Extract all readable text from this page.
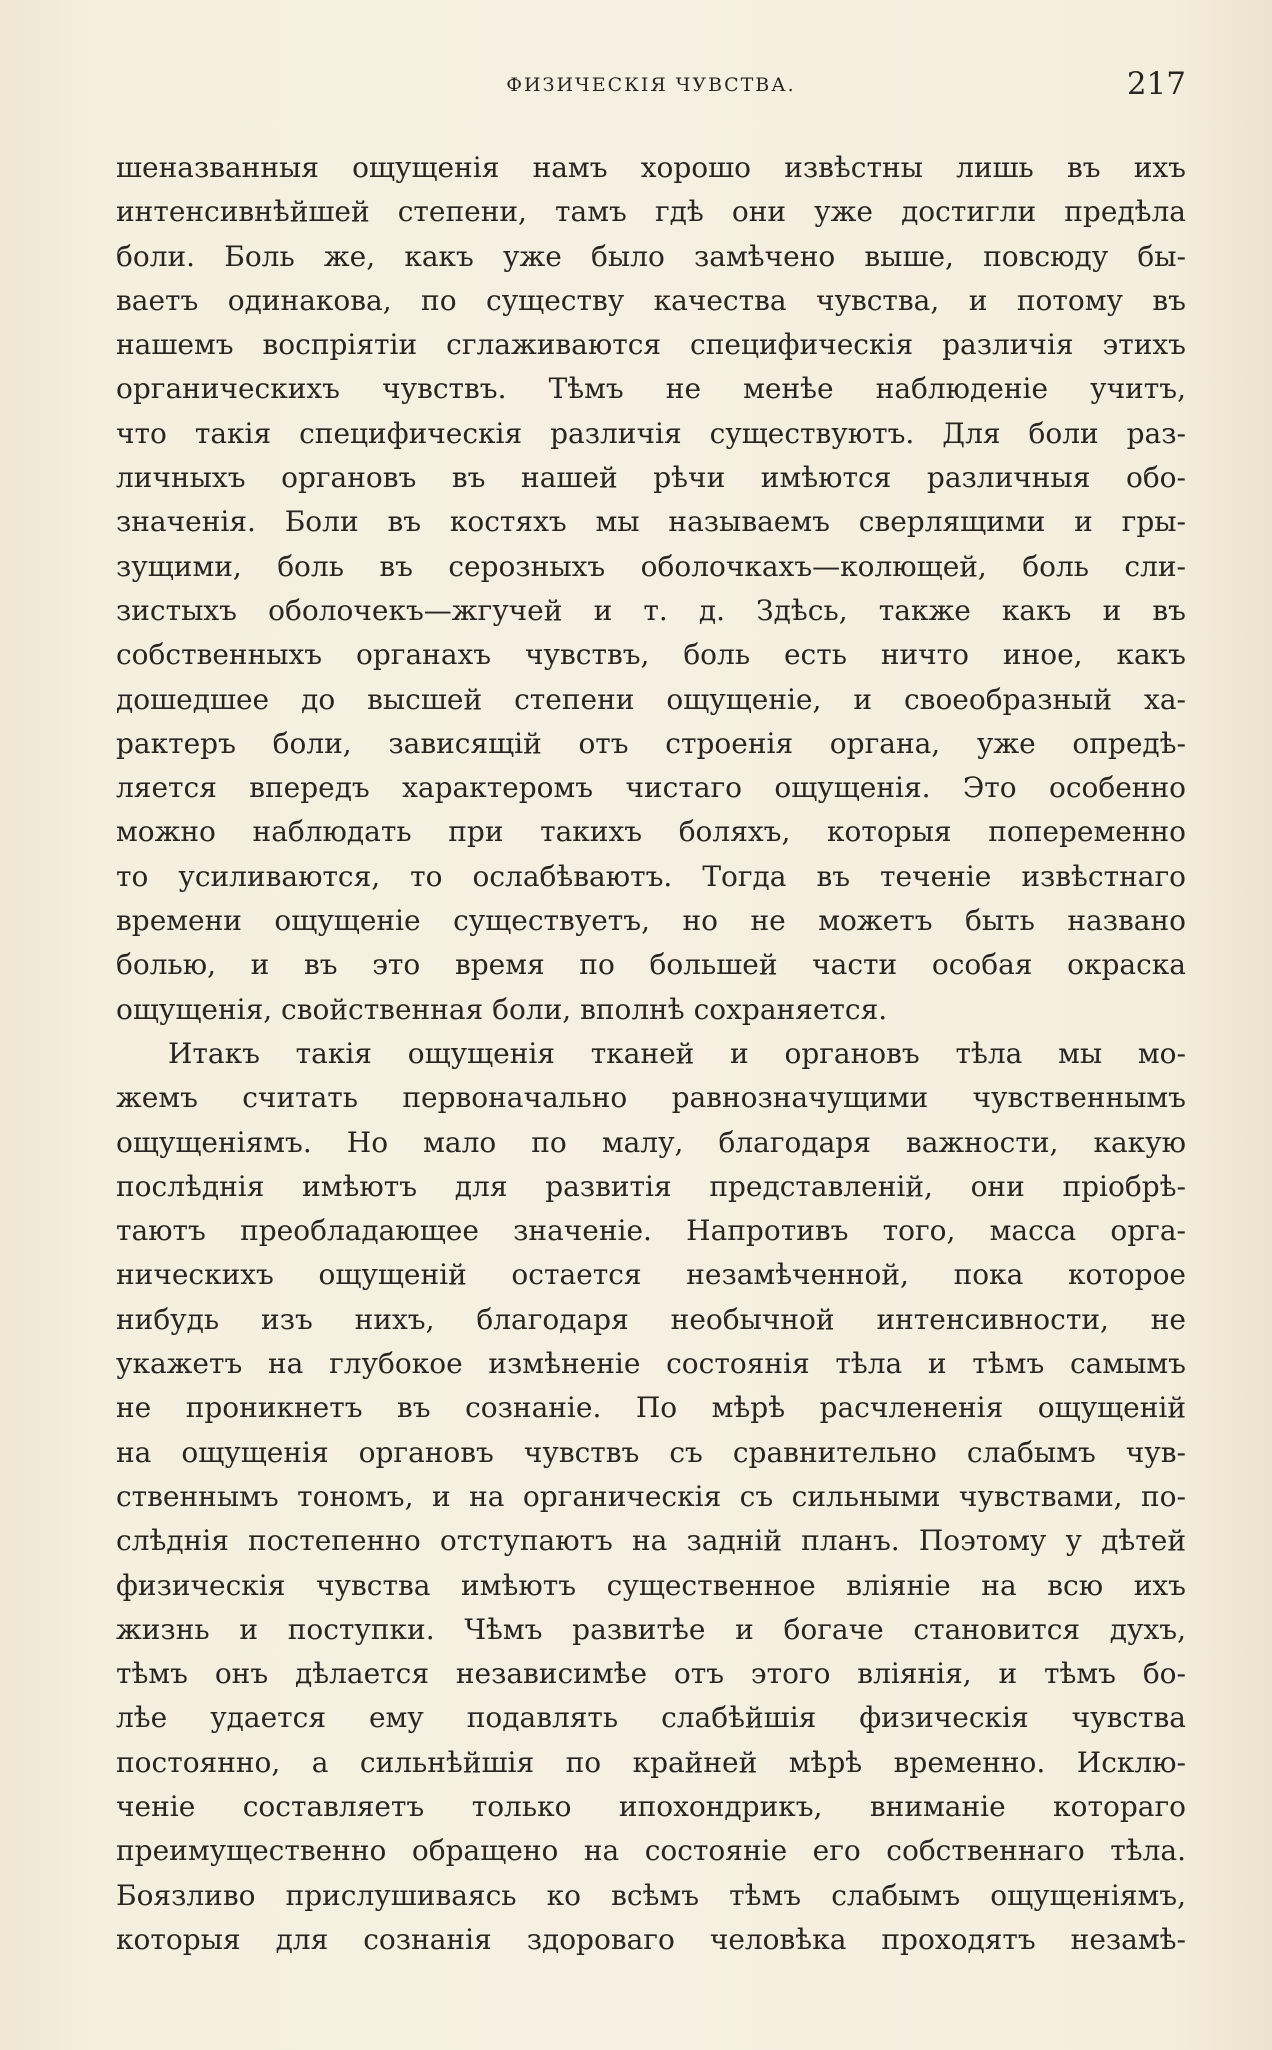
ФИЗИЧЕСКІЯ ЧУВСТВА.	217
шеназванныя ощущенія намъ хорошо извѣстны лишь въ ихъ
интенсивнѣйшей степени, тамъ гдѣ они уже достигли предѣла
боли. Боль же, какъ уже было замѣчено выше, повсюду бы-
ваетъ одинакова, по существу качества чувства, и потому въ
нашемъ воспріятіи сглаживаются специфическія различія этихъ
органическихъ чувствъ. Тѣмъ не менѣе наблюденіе учитъ,
что такія специфическія различія существуютъ. Для боли раз-
личныхъ органовъ въ нашей рѣчи имѣются различныя обо-
значенія. Боли въ костяхъ мы называемъ сверлящими и гры-
зущими, боль въ серозныхъ оболочкахъ—колющей, боль сли-
зистыхъ оболочекъ—жгучей и т. д. Здѣсь, также какъ и въ
собственныхъ органахъ чувствъ, боль есть ничто иное, какъ
дошедшее до высшей степени ощущеніе, и своеобразный ха-
рактеръ боли, зависящій отъ строенія органа, уже опредѣ-
ляется впередъ характеромъ чистаго ощущенія. Это особенно
можно наблюдать при такихъ боляхъ, которыя попеременно
то усиливаются, то ослабѣваютъ. Тогда въ теченіе извѣстнаго
времени ощущеніе существуетъ, но не можетъ быть названо
болью, и въ это время по большей части особая окраска
ощущенія, свойственная боли, вполнѣ сохраняется.
Итакъ такія ощущенія тканей и органовъ тѣла мы мо-
жемъ считать первоначально равнозначущими чувственнымъ
ощущеніямъ. Но мало по малу, благодаря важности, какую
послѣднія имѣютъ для развитія представленій, они пріобрѣ-
таютъ преобладающее значеніе. Напротивъ того, масса орга-
ническихъ ощущеній остается незамѣченной, пока которое
нибудь изъ нихъ, благодаря необычной интенсивности, не
укажетъ на глубокое измѣненіе состоянія тѣла и тѣмъ самымъ
не проникнетъ въ сознаніе. По мѣрѣ расчлененія ощущеній
на ощущенія органовъ чувствъ съ сравнительно слабымъ чув-
ственнымъ тономъ, и на органическія съ сильными чувствами, по-
слѣднія постепенно отступаютъ на задній планъ. Поэтому у дѣтей
физическія чувства имѣютъ существенное вліяніе на всю ихъ
жизнь и поступки. Чѣмъ развитѣе и богаче становится духъ,
тѣмъ онъ дѣлается независимѣе отъ этого вліянія, и тѣмъ бо-
лѣе удается ему подавлять слабѣйшія физическія чувства
постоянно, а сильнѣйшія по крайней мѣрѣ временно. Исклю-
ченіе составляетъ только ипохондрикъ, вниманіе котораго
преимущественно обращено на состояніе его собственнаго тѣла.
Боязливо прислушиваясь ко всѣмъ тѣмъ слабымъ ощущеніямъ,
которыя для сознанія здороваго человѣка проходятъ незамѣ-
